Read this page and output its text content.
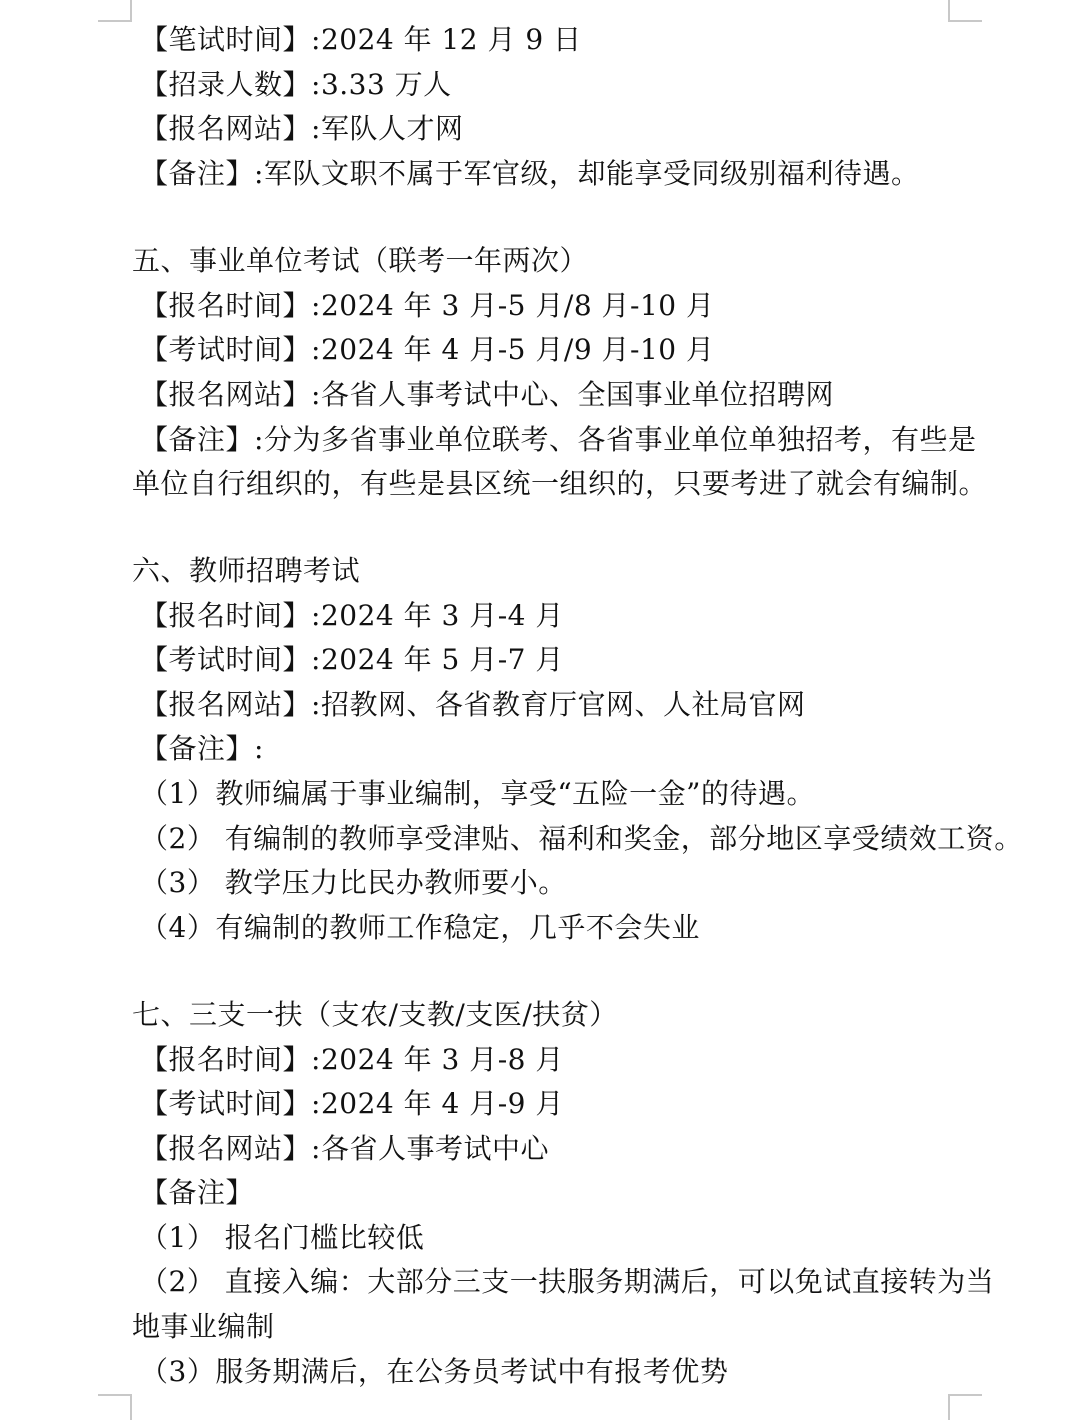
【笔试时间】:2024 年 12 月 9 日
【招录人数】:3.33 万人
【报名网站】:军队人才网
【备注】:军队文职不属于军官级，却能享受同级别福利待遇。
五、事业单位考试（联考一年两次）
【报名时间】:2024 年 3 月-5 月/8 月-10 月
【考试时间】:2024 年 4 月-5 月/9 月-10 月
【报名网站】:各省人事考试中心、全国事业单位招聘网
【备注】:分为多省事业单位联考、各省事业单位单独招考，有些是
单位自行组织的，有些是县区统一组织的，只要考进了就会有编制。
六、教师招聘考试
【报名时间】:2024 年 3 月-4 月
【考试时间】:2024 年 5 月-7 月
【报名网站】:招教网、各省教育厅官网、人社局官网
【备注】:
（1）教师编属于事业编制，享受“五险一金”的待遇。
（2） 有编制的教师享受津贴、福利和奖金，部分地区享受绩效工资。
（3） 教学压力比民办教师要小。
（4）有编制的教师工作稳定，几乎不会失业
七、三支一扶（支农/支教/支医/扶贫）
【报名时间】:2024 年 3 月-8 月
【考试时间】:2024 年 4 月-9 月
【报名网站】:各省人事考试中心
【备注】
（1） 报名门槛比较低
（2） 直接入编：大部分三支一扶服务期满后，可以免试直接转为当
地事业编制
（3）服务期满后，在公务员考试中有报考优势
